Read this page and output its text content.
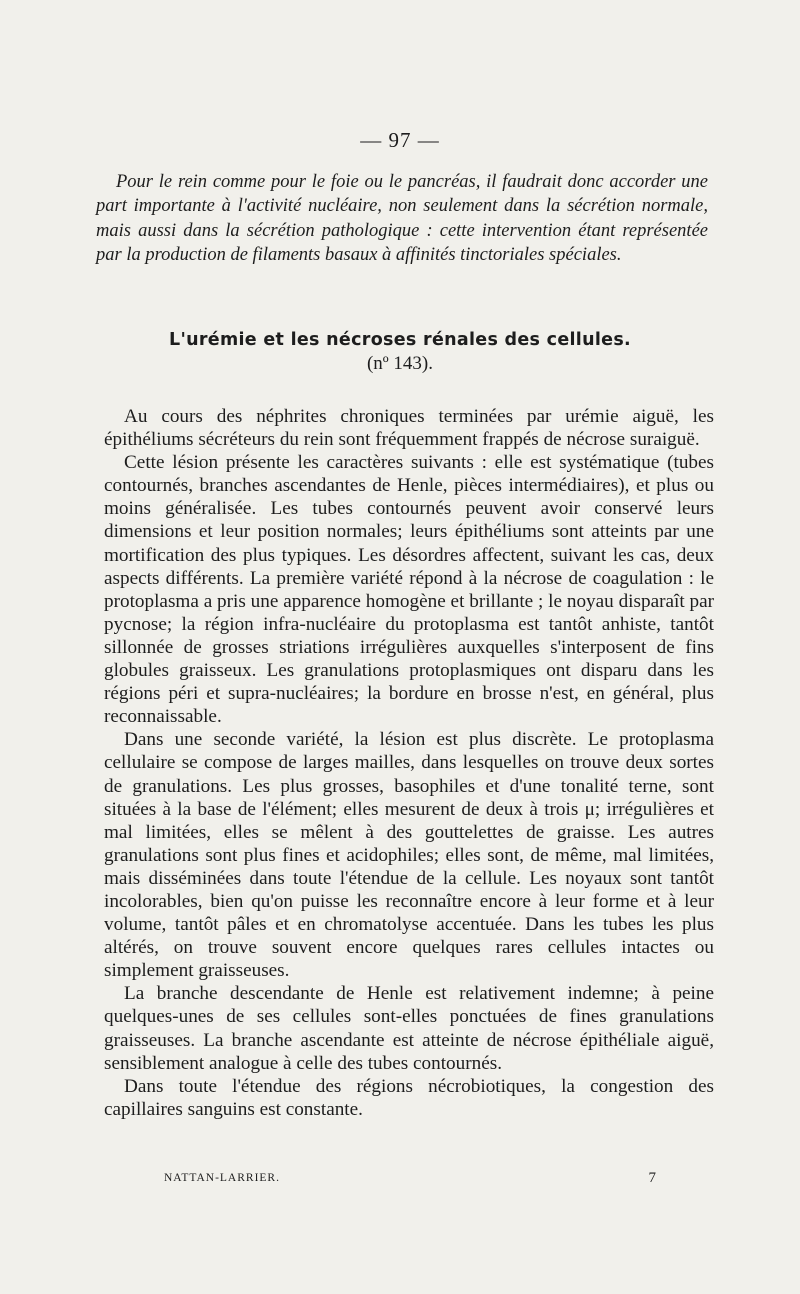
— 97 —

Pour le rein comme pour le foie ou le pancréas, il faudrait donc accorder une part importante à l'activité nucléaire, non seulement dans la sécrétion normale, mais aussi dans la sécrétion pathologique : cette intervention étant représentée par la production de filaments basaux à affinités tinctoriales spéciales.

L'urémie et les nécroses rénales des cellules.
(nº 143).

Au cours des néphrites chroniques terminées par urémie aiguë, les épithéliums sécréteurs du rein sont fréquemment frappés de nécrose suraiguë.

Cette lésion présente les caractères suivants : elle est systématique (tubes contournés, branches ascendantes de Henle, pièces intermédiaires), et plus ou moins généralisée. Les tubes contournés peuvent avoir conservé leurs dimensions et leur position normales; leurs épithéliums sont atteints par une mortification des plus typiques. Les désordres affectent, suivant les cas, deux aspects différents. La première variété répond à la nécrose de coagulation : le protoplasma a pris une apparence homogène et brillante ; le noyau disparaît par pycnose; la région infra-nucléaire du protoplasma est tantôt anhiste, tantôt sillonnée de grosses striations irrégulières auxquelles s'interposent de fins globules graisseux. Les granulations protoplasmiques ont disparu dans les régions péri et supra-nucléaires; la bordure en brosse n'est, en général, plus reconnaissable.

Dans une seconde variété, la lésion est plus discrète. Le protoplasma cellulaire se compose de larges mailles, dans lesquelles on trouve deux sortes de granulations. Les plus grosses, basophiles et d'une tonalité terne, sont situées à la base de l'élément; elles mesurent de deux à trois μ; irrégulières et mal limitées, elles se mêlent à des gouttelettes de graisse. Les autres granulations sont plus fines et acidophiles; elles sont, de même, mal limitées, mais disséminées dans toute l'étendue de la cellule. Les noyaux sont tantôt incolorables, bien qu'on puisse les reconnaître encore à leur forme et à leur volume, tantôt pâles et en chromatolyse accentuée. Dans les tubes les plus altérés, on trouve souvent encore quelques rares cellules intactes ou simplement graisseuses.

La branche descendante de Henle est relativement indemne; à peine quelques-unes de ses cellules sont-elles ponctuées de fines granulations graisseuses. La branche ascendante est atteinte de nécrose épithéliale aiguë, sensiblement analogue à celle des tubes contournés.

Dans toute l'étendue des régions nécrobiotiques, la congestion des capillaires sanguins est constante.

NATTAN-LARRIER.	7
